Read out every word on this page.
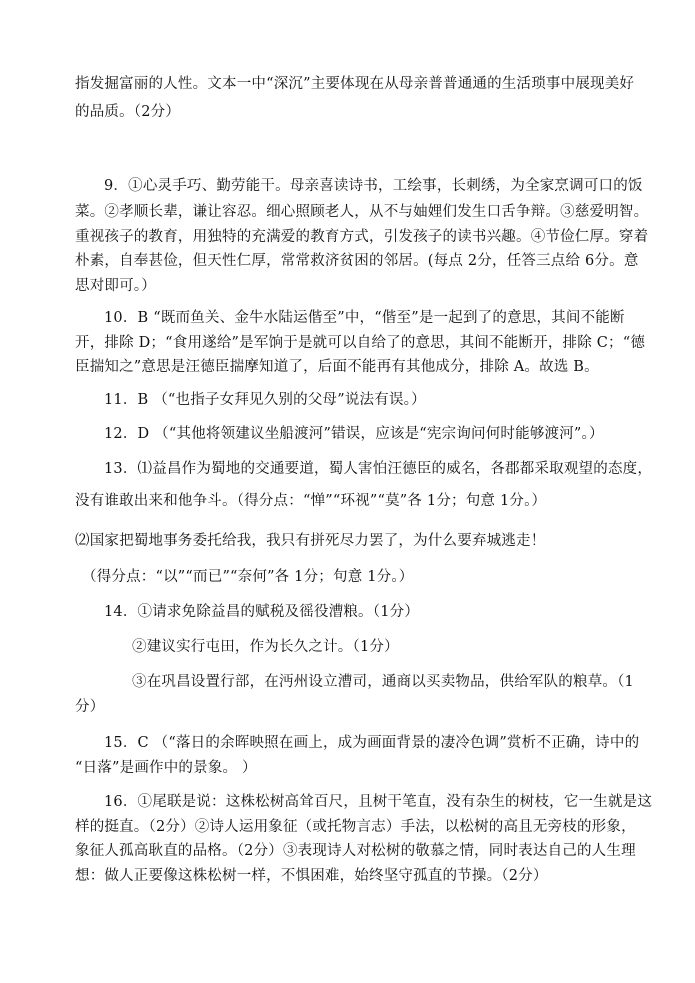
指发掘富丽的人性。文本一中“深沉”主要体现在从母亲普普通通的生活琐事中展现美好
的品质。（2分）
9．①心灵手巧、勤劳能干。母亲喜读诗书，工绘事，长刺绣，为全家烹调可口的饭
菜。②孝顺长辈，谦让容忍。细心照顾老人，从不与妯娌们发生口舌争辩。③慈爱明智。
重视孩子的教育，用独特的充满爱的教育方式，引发孩子的读书兴趣。④节俭仁厚。穿着
朴素，自奉甚俭，但天性仁厚，常常救济贫困的邻居。(每点 2分，任答三点给 6分。意
思对即可。）
10．B “既而鱼关、金牛水陆运偕至”中，“偕至”是一起到了的意思，其间不能断
开，排除 D；“食用遂给”是军饷于是就可以自给了的意思，其间不能断开，排除 C；“德
臣揣知之”意思是汪德臣揣摩知道了，后面不能再有其他成分，排除 A。故选 B。
11．B （“也指子女拜见久别的父母”说法有误。）
12．D （“其他将领建议坐船渡河”错误，应该是“宪宗询问何时能够渡河”。）
13．⑴益昌作为蜀地的交通要道，蜀人害怕汪德臣的威名，各郡都采取观望的态度，
没有谁敢出来和他争斗。（得分点：“惮”“环视”“莫”各 1分；句意 1分。）
⑵国家把蜀地事务委托给我，我只有拼死尽力罢了，为什么要弃城逃走！
（得分点：“以”“而已”“奈何”各 1分；句意 1分。）
14．①请求免除益昌的赋税及徭役漕粮。（1分）
②建议实行屯田，作为长久之计。（1分）
③在巩昌设置行部，在沔州设立漕司，通商以买卖物品，供给军队的粮草。（1
分）
15．C （“落日的余晖映照在画上，成为画面背景的凄冷色调”赏析不正确，诗中的
“日落”是画作中的景象。 ）
16．①尾联是说：这株松树高耸百尺，且树干笔直，没有杂生的树枝，它一生就是这
样的挺直。（2分）②诗人运用象征（或托物言志）手法，以松树的高且无旁枝的形象，
象征人孤高耿直的品格。（2分）③表现诗人对松树的敬慕之情，同时表达自己的人生理
想：做人正要像这株松树一样，不惧困难，始终坚守孤直的节操。（2分）
